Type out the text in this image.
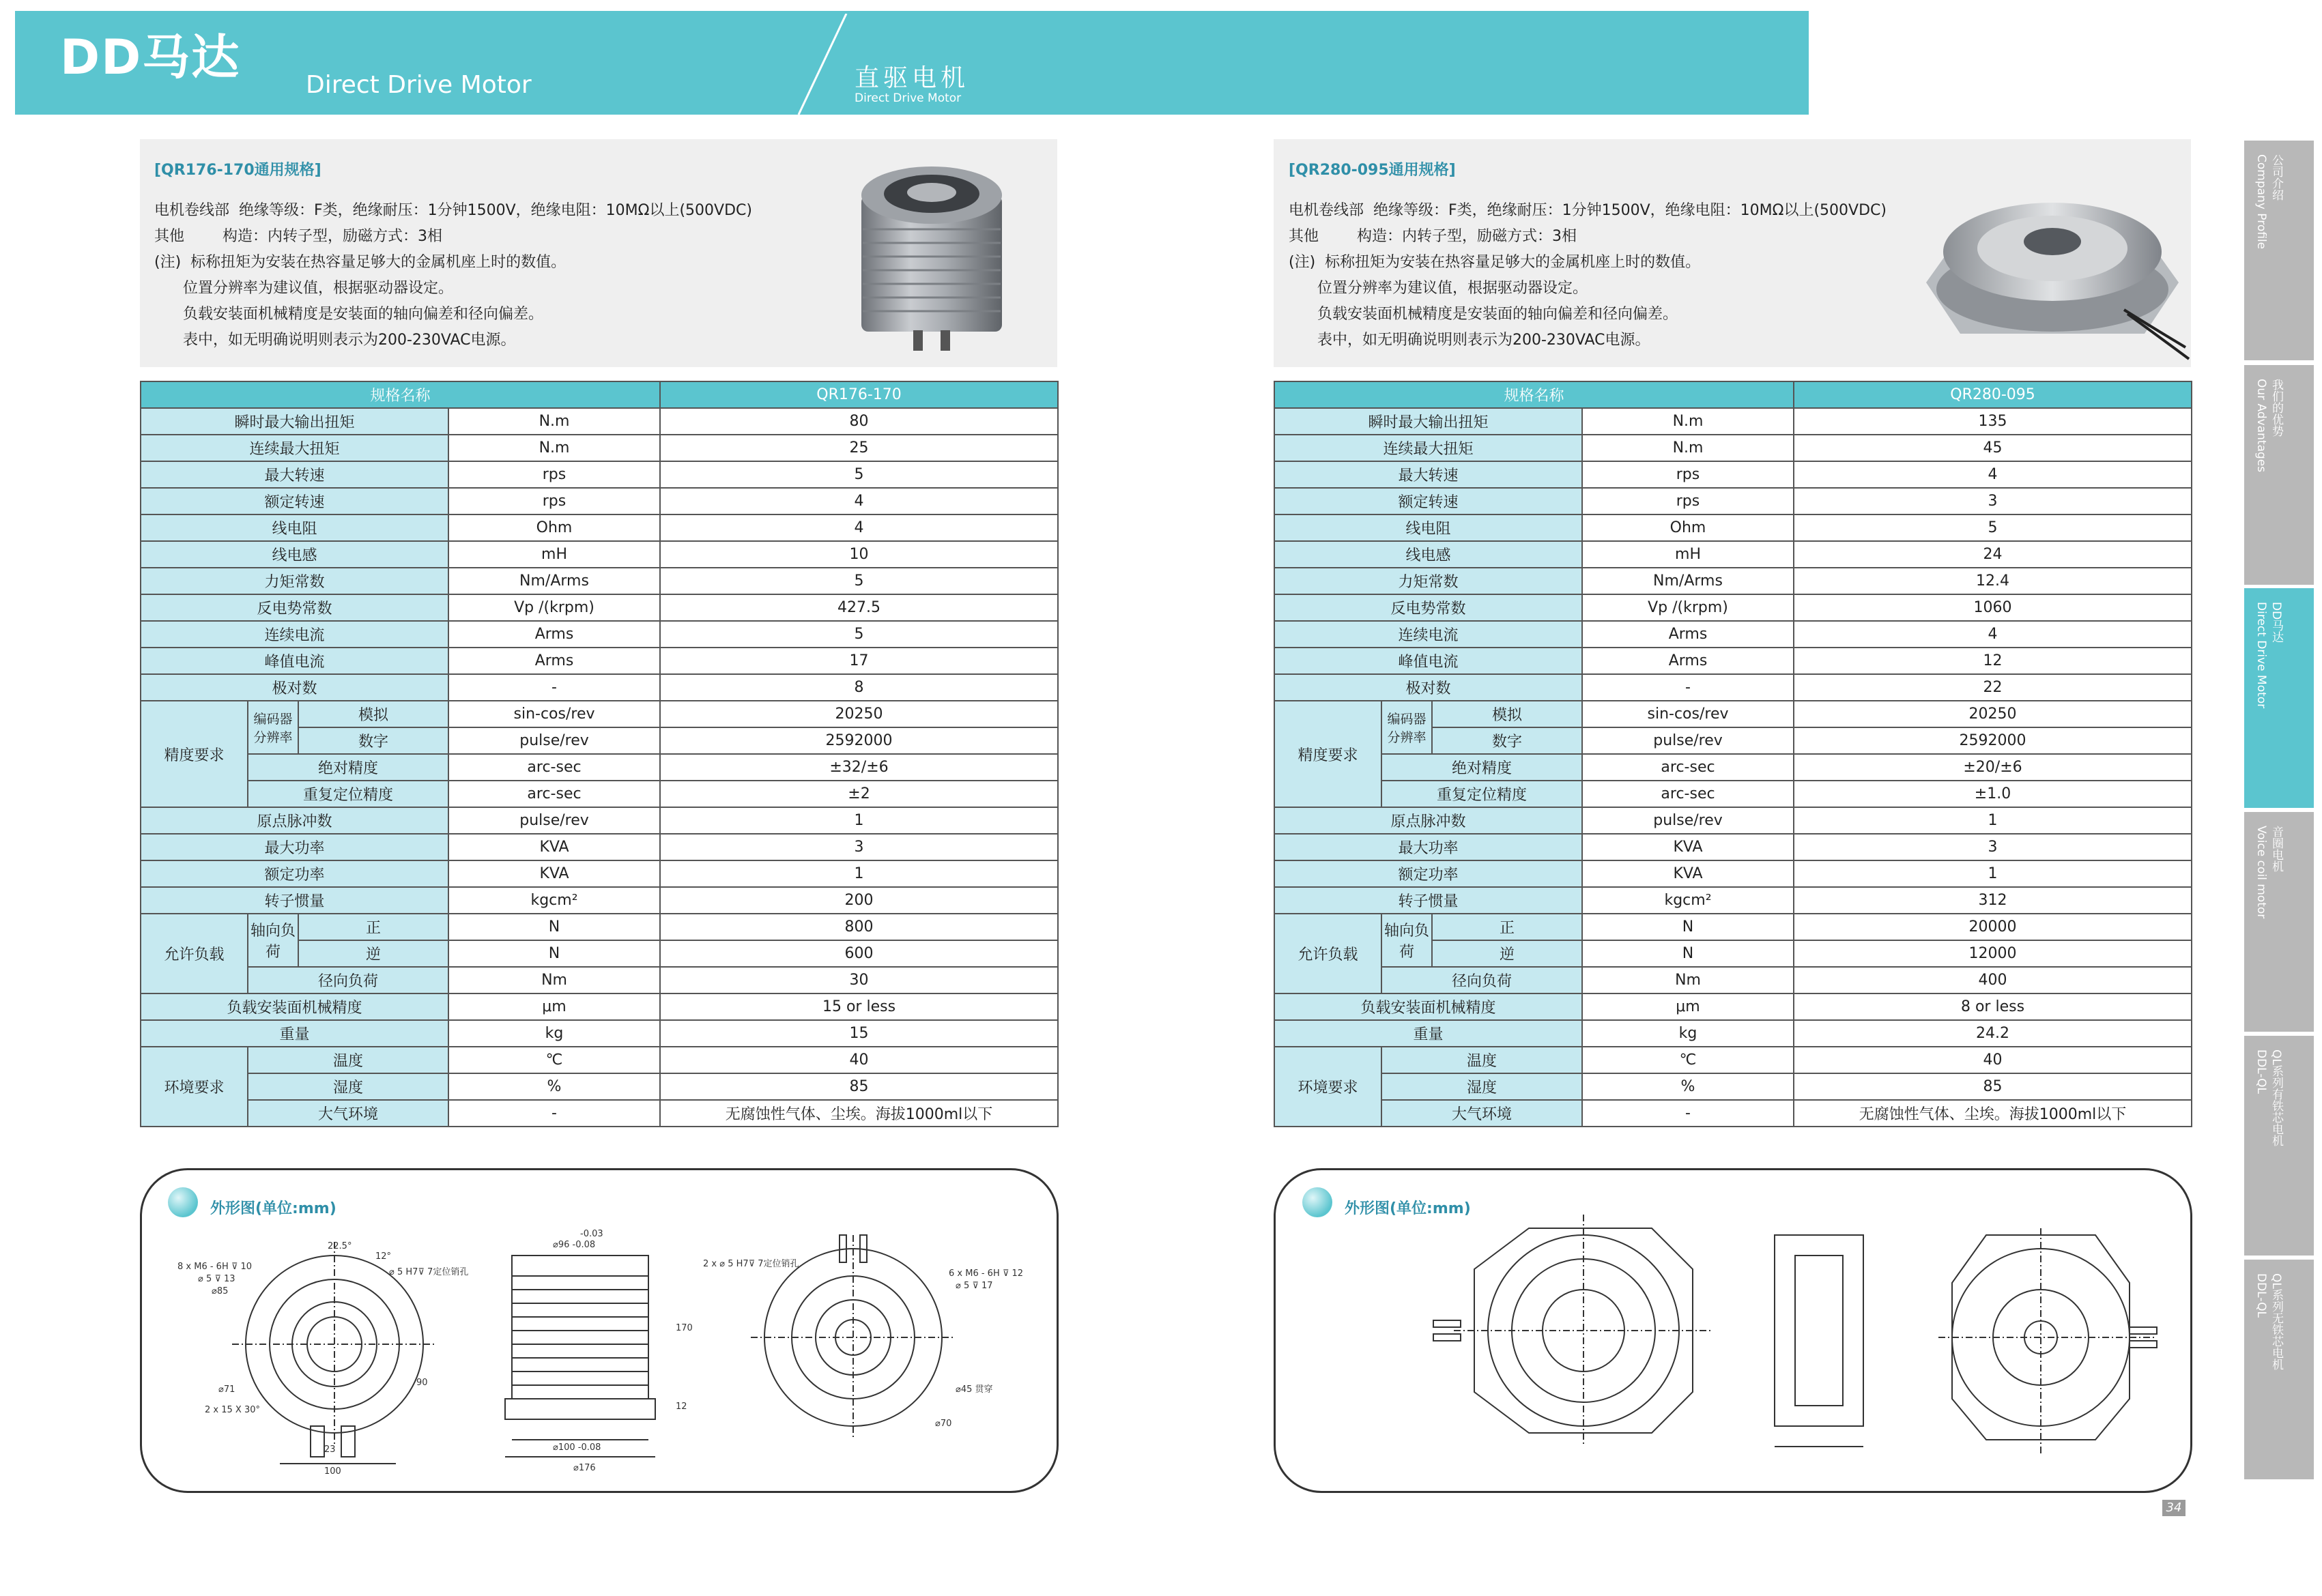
DD马达	Direct Drive Motor	直驱电机
Direct Drive Motor
[QR176-170通用规格]
电机卷线部  绝缘等级：F类，绝缘耐压：1分钟1500V，绝缘电阻：10MΩ以上(500VDC)
其他        构造：内转子型，励磁方式：3相
(注)  标称扭矩为安装在热容量足够大的金属机座上时的数值。
位置分辨率为建议值，根据驱动器设定。
负载安装面机械精度是安装面的轴向偏差和径向偏差。
表中，如无明确说明则表示为200-230VAC电源。
[QR280-095通用规格]
电机卷线部  绝缘等级：F类，绝缘耐压：1分钟1500V，绝缘电阻：10MΩ以上(500VDC)
其他        构造：内转子型，励磁方式：3相
(注)  标称扭矩为安装在热容量足够大的金属机座上时的数值。
位置分辨率为建议值，根据驱动器设定。
负载安装面机械精度是安装面的轴向偏差和径向偏差。
表中，如无明确说明则表示为200-230VAC电源。
规格名称				QR176-170
瞬时最大输出扭矩			N.m	80
连续最大扭矩			N.m	25
最大转速			rps	5
额定转速			rps	4
线电阻			Ohm	4
线电感			mH	10
力矩常数			Nm/Arms	5
反电势常数			Vp /(krpm)	427.5
连续电流			Arms	5
峰值电流			Arms	17
极对数			-	8
精度要求	编码器分辨率	模拟	sin-cos/rev	20250
		数字	pulse/rev	2592000
	绝对精度		arc-sec	±32/±6
	重复定位精度		arc-sec	±2
原点脉冲数			pulse/rev	1
最大功率			KVA	3
额定功率			KVA	1
转子惯量			kgcm²	200
允许负载	轴向负荷	正	N	800
		逆	N	600
	径向负荷		Nm	30
负载安装面机械精度			μm	15 or less
重量			kg	15
环境要求	温度		℃	40
	湿度		%	85
	大气环境		-	无腐蚀性气体、尘埃。海拔1000ml以下
规格名称				QR280-095
瞬时最大输出扭矩			N.m	135
连续最大扭矩			N.m	45
最大转速			rps	4
额定转速			rps	3
线电阻			Ohm	5
线电感			mH	24
力矩常数			Nm/Arms	12.4
反电势常数			Vp /(krpm)	1060
连续电流			Arms	4
峰值电流			Arms	12
极对数			-	22
精度要求	编码器分辨率	模拟	sin-cos/rev	20250
		数字	pulse/rev	2592000
	绝对精度		arc-sec	±20/±6
	重复定位精度		arc-sec	±1.0
原点脉冲数			pulse/rev	1
最大功率			KVA	3
额定功率			KVA	1
转子惯量			kgcm²	312
允许负载	轴向负荷	正	N	20000
		逆	N	12000
	径向负荷		Nm	400
负载安装面机械精度			μm	8 or less
重量			kg	24.2
环境要求	温度		℃	40
	湿度		%	85
	大气环境		-	无腐蚀性气体、尘埃。海拔1000ml以下
外形图(单位:mm)
8 x M6 - 6H ⊽ 10
⌀ 5 ⊽ 13
⌀85
⌀71
2 x 15 X 30°
22.5°
12°
⌀ 5 H7⊽ 7定位销孔
90
23
100
⌀96 -0.08
-0.03
170
12
⌀100 -0.08
⌀176
2 x ⌀ 5 H7⊽ 7定位销孔
6 x M6 - 6H ⊽ 12
⌀ 5 ⊽ 17
⌀45 贯穿
⌀70
外形图(单位:mm)
公司介绍
Company Profile
我们的优势
Our Advantages
DD马达
Direct Drive Motor
音圈电机
Voice coil motor
QL系列有铁芯电机
DDL-QL
QL系列无铁芯电机
DDL-QL
34
